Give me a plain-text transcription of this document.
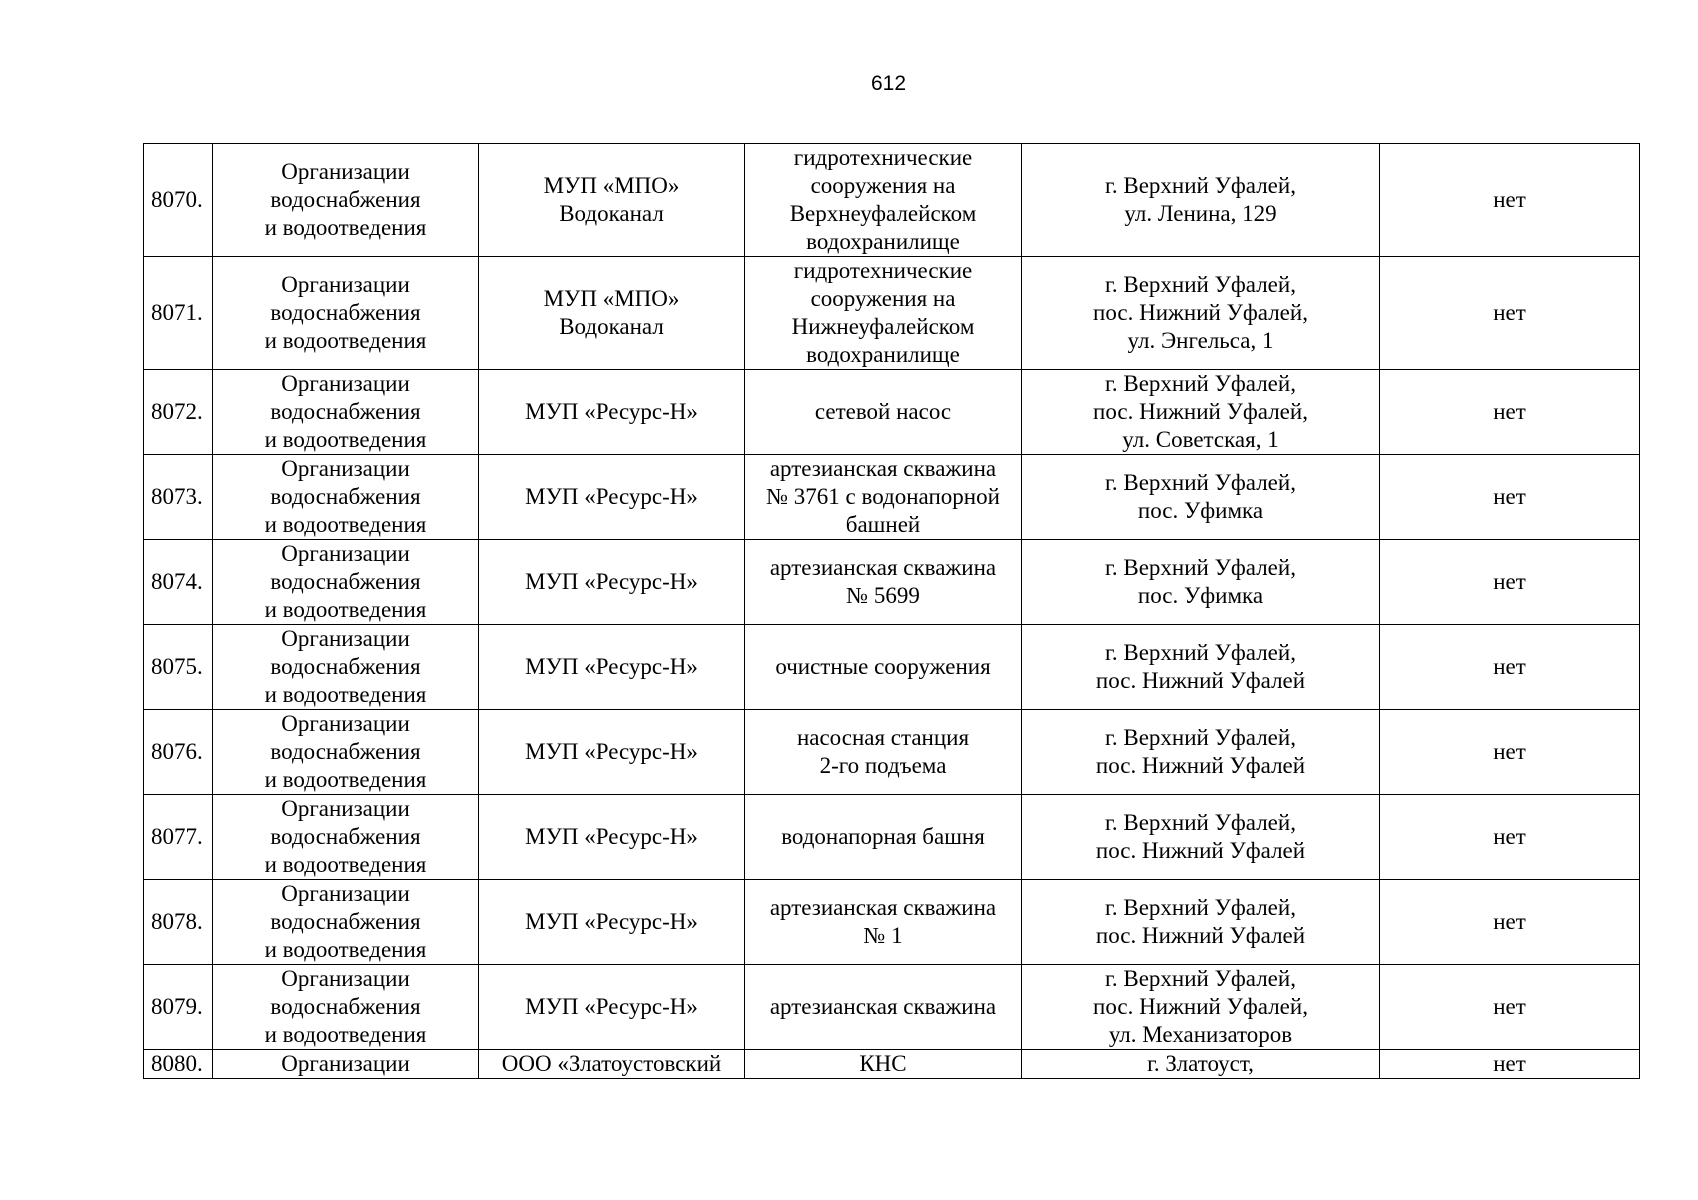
612
8070.	Организации
водоснабжения
и водоотведения	МУП «МПО»
Водоканал	гидротехнические
сооружения на
Верхнеуфалейском
водохранилище	г. Верхний Уфалей,
ул. Ленина, 129	нет
8071.	Организации
водоснабжения
и водоотведения	МУП «МПО»
Водоканал	гидротехнические
сооружения на
Нижнеуфалейском
водохранилище	г. Верхний Уфалей,
пос. Нижний Уфалей,
ул. Энгельса, 1	нет
8072.	Организации
водоснабжения
и водоотведения	МУП «Ресурс-Н»	сетевой насос	г. Верхний Уфалей,
пос. Нижний Уфалей,
ул. Советская, 1	нет
8073.	Организации
водоснабжения
и водоотведения	МУП «Ресурс-Н»	артезианская скважина
№ 3761 с водонапорной
башней	г. Верхний Уфалей,
пос. Уфимка	нет
8074.	Организации
водоснабжения
и водоотведения	МУП «Ресурс-Н»	артезианская скважина
№ 5699	г. Верхний Уфалей,
пос. Уфимка	нет
8075.	Организации
водоснабжения
и водоотведения	МУП «Ресурс-Н»	очистные сооружения	г. Верхний Уфалей,
пос. Нижний Уфалей	нет
8076.	Организации
водоснабжения
и водоотведения	МУП «Ресурс-Н»	насосная станция
2-го подъема	г. Верхний Уфалей,
пос. Нижний Уфалей	нет
8077.	Организации
водоснабжения
и водоотведения	МУП «Ресурс-Н»	водонапорная башня	г. Верхний Уфалей,
пос. Нижний Уфалей	нет
8078.	Организации
водоснабжения
и водоотведения	МУП «Ресурс-Н»	артезианская скважина
№ 1	г. Верхний Уфалей,
пос. Нижний Уфалей	нет
8079.	Организации
водоснабжения
и водоотведения	МУП «Ресурс-Н»	артезианская скважина	г. Верхний Уфалей,
пос. Нижний Уфалей,
ул. Механизаторов	нет
8080.	Организации	ООО «Златоустовский	КНС	г. Златоуст,	нет
